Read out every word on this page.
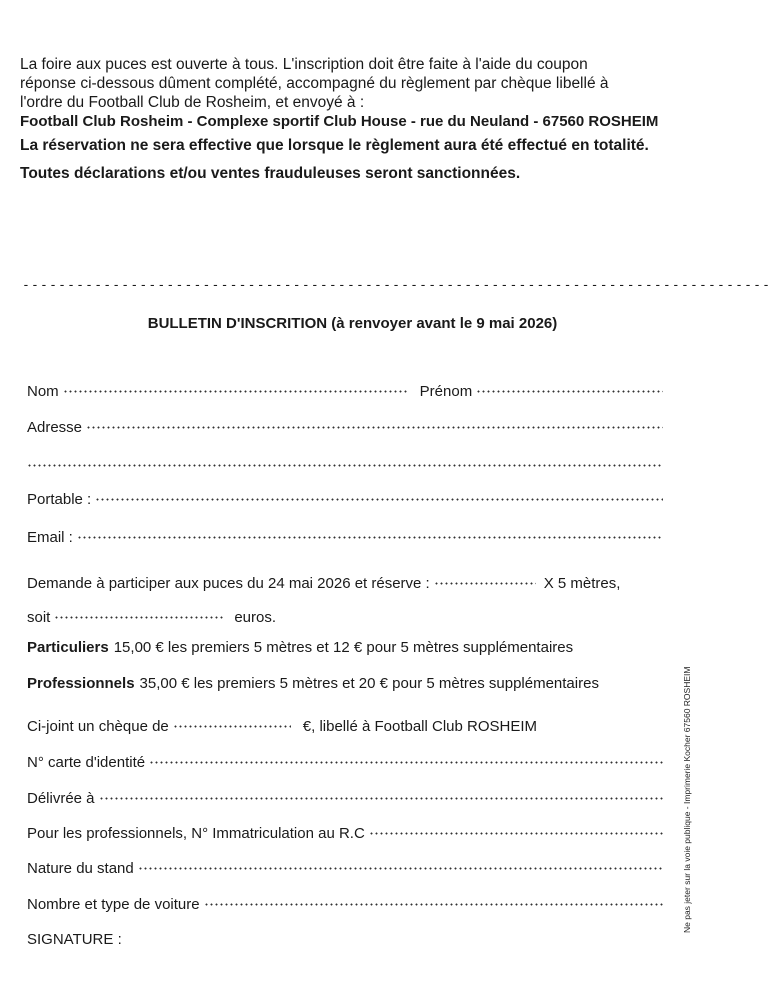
La foire aux puces est ouverte à tous. L'inscription doit être faite à l'aide du coupon

réponse ci-dessous dûment complété, accompagné du règlement par chèque libellé à

l'ordre du Football Club de Rosheim, et envoyé à :

Football Club Rosheim - Complexe sportif Club House - rue du Neuland - 67560 ROSHEIM

La réservation ne sera effective que lorsque le règlement aura été effectué en totalité.

Toutes déclarations et/ou ventes frauduleuses seront sanctionnées.

-----------------------------------------------------------------------------------
BULLETIN D'INSCRITION (à renvoyer avant le 9 mai 2026)
Nom	Prénom
Adresse
Portable :
Email :
Demande à participer aux puces du 24 mai 2026 et réserve :	X 5 mètres,
soit	euros.
Particuliers 15,00 € les premiers 5 mètres et 12 € pour 5 mètres supplémentaires
Professionnels 35,00 € les premiers 5 mètres et 20 € pour 5 mètres supplémentaires
Ci-joint un chèque de	€, libellé à Football Club ROSHEIM
N° carte d'identité
Délivrée à
Pour les professionnels, N° Immatriculation au R.C
Nature du stand
Nombre et type de voiture
SIGNATURE :
Ne pas jeter sur la voie publique - Imprimerie Kocher 67560 ROSHEIM
